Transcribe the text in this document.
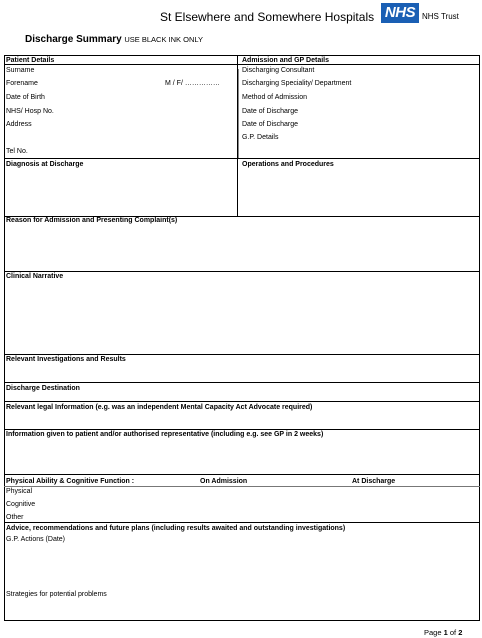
St Elsewhere and Somewhere Hospitals NHS NHS Trust
Discharge Summary USE BLACK INK ONLY
Patient Details
Surname
Forename	M / F/ ……………
Date of Birth
NHS/ Hosp No.
Address
Tel No.
Admission and GP Details
Discharging Consultant
Discharging Speciality/ Department
Method of Admission
Date of Discharge
Date of Discharge
G.P. Details
Diagnosis at Discharge	Operations and Procedures
Reason for Admission and Presenting Complaint(s)
Clinical Narrative
Relevant Investigations and Results
Discharge Destination
Relevant legal Information (e.g. was an independent Mental Capacity Act Advocate required)
Information given to patient and/or authorised representative (including e.g. see GP in 2 weeks)
Physical Ability & Cognitive Function :	On Admission	At Discharge
Physical
Cognitive
Other
Advice, recommendations and future plans (including results awaited and outstanding investigations)
G.P. Actions (Date)
Strategies for potential problems
Page 1 of 2
